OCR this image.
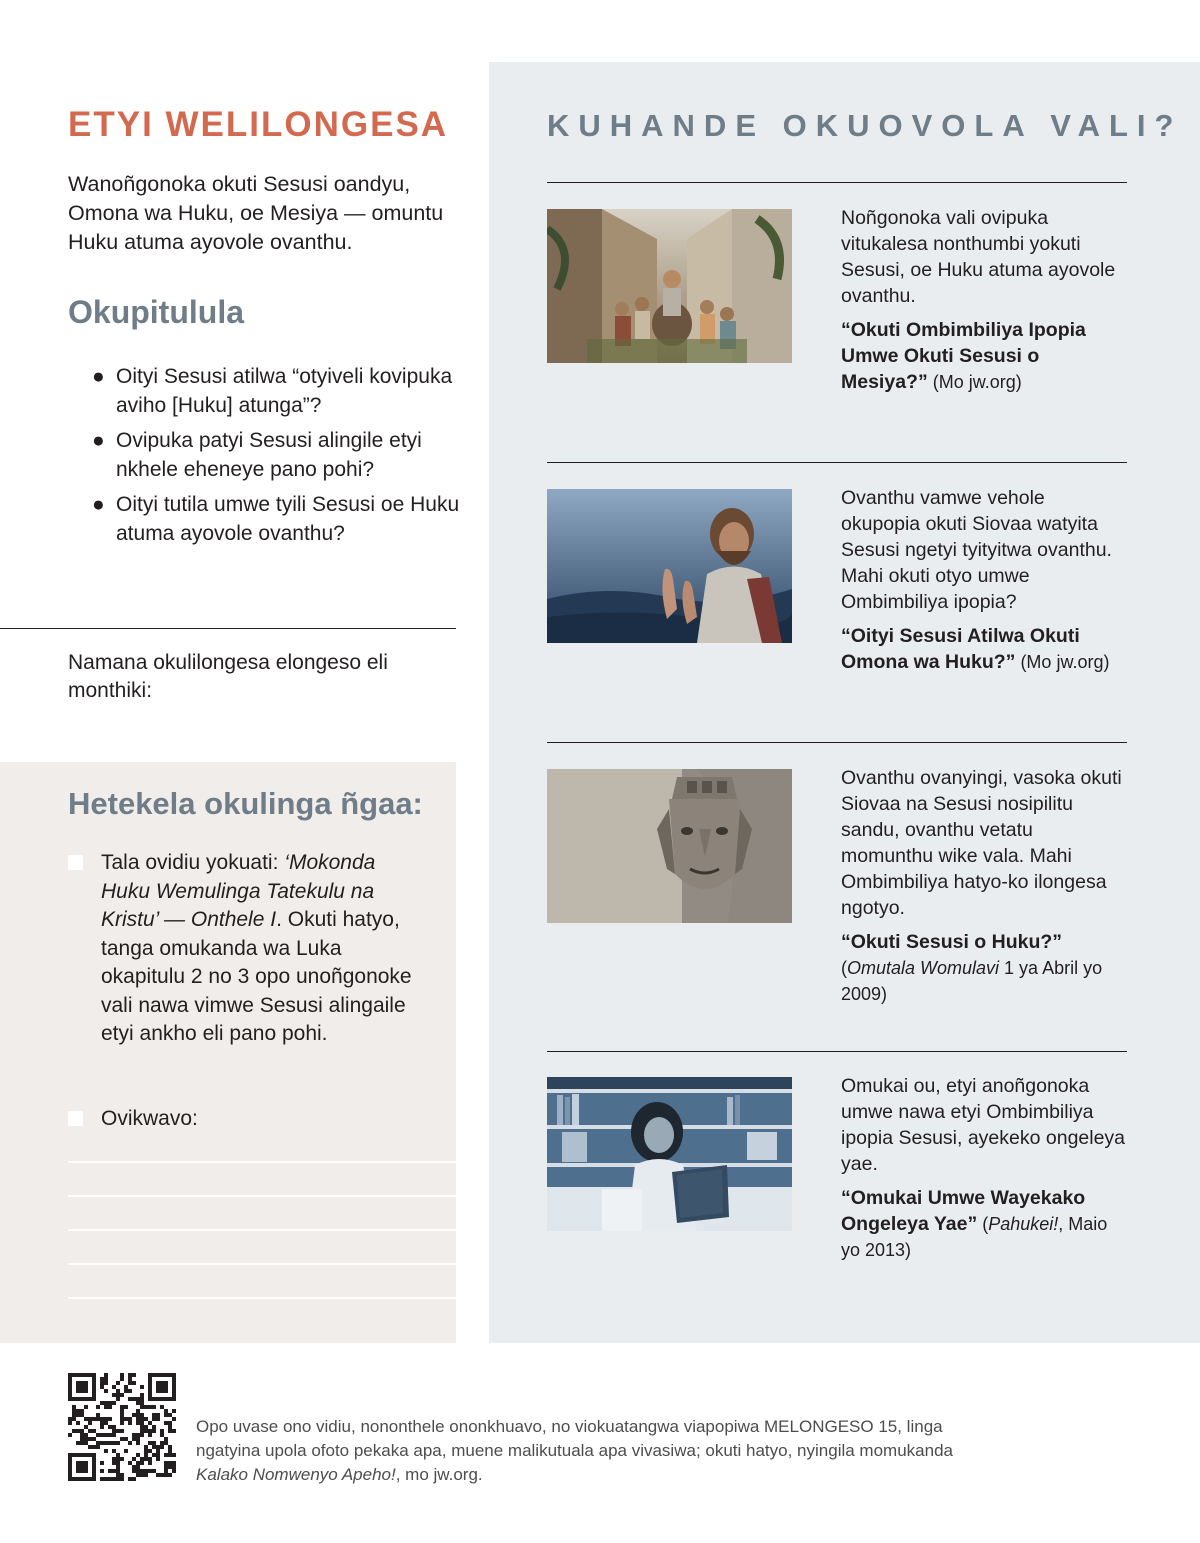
ETYI WELILONGESA
Wanoñgonoka okuti Sesusi oandyu, Omona wa Huku, oe Mesiya — omuntu Huku atuma ayovole ovanthu.
Okupitulula
● Oityi Sesusi atilwa “otyiveli kovipuka aviho [Huku] atunga”?
● Ovipuka patyi Sesusi alingile etyi nkhele eheneye pano pohi?
● Oityi tutila umwe tyili Sesusi oe Huku atuma ayovole ovanthu?
Namana okulilongesa elongeso eli monthiki:
Hetekela okulinga ñgaa:
Tala ovidiu yokuati: ‘Mokonda Huku Wemulinga Tatekulu na Kristu’ — Onthele I. Okuti hatyo, tanga omukanda wa Luka okapitulu 2 no 3 opo unoñgonoke vali nawa vimwe Sesusi alingaile etyi ankho eli pano pohi.
Ovikwavo:
KUHANDE OKUOVOLA VALI?
Noñgonoka vali ovipuka vitukalesa nonthumbi yokuti Sesusi, oe Huku atuma ayovole ovanthu.
“Okuti Ombimbiliya Ipopia Umwe Okuti Sesusi o Mesiya?” (Mo jw.org)
Ovanthu vamwe vehole okupopia okuti Siovaa watyita Sesusi ngetyi tyityitwa ovanthu. Mahi okuti otyo umwe Ombimbiliya ipopia?
“Oityi Sesusi Atilwa Okuti Omona wa Huku?” (Mo jw.org)
Ovanthu ovanyingi, vasoka okuti Siovaa na Sesusi nosipilitu sandu, ovanthu vetatu momunthu wike vala. Mahi Ombimbiliya hatyo-ko ilongesa ngotyo.
“Okuti Sesusi o Huku?”
(Omutala Womulavi 1 ya Abril yo 2009)
Omukai ou, etyi anoñgonoka umwe nawa etyi Ombimbiliya ipopia Sesusi, ayekeko ongeleya yae.
“Omukai Umwe Wayekako Ongeleya Yae” (Pahukei!, Maio yo 2013)
Opo uvase ono vidiu, nononthele ononkhuavo, no viokuatangwa viapopiwa MELONGESO 15, linga ngatyina upola ofoto pekaka apa, muene malikutuala apa vivasiwa; okuti hatyo, nyingila momukanda Kalako Nomwenyo Apeho!, mo jw.org.
